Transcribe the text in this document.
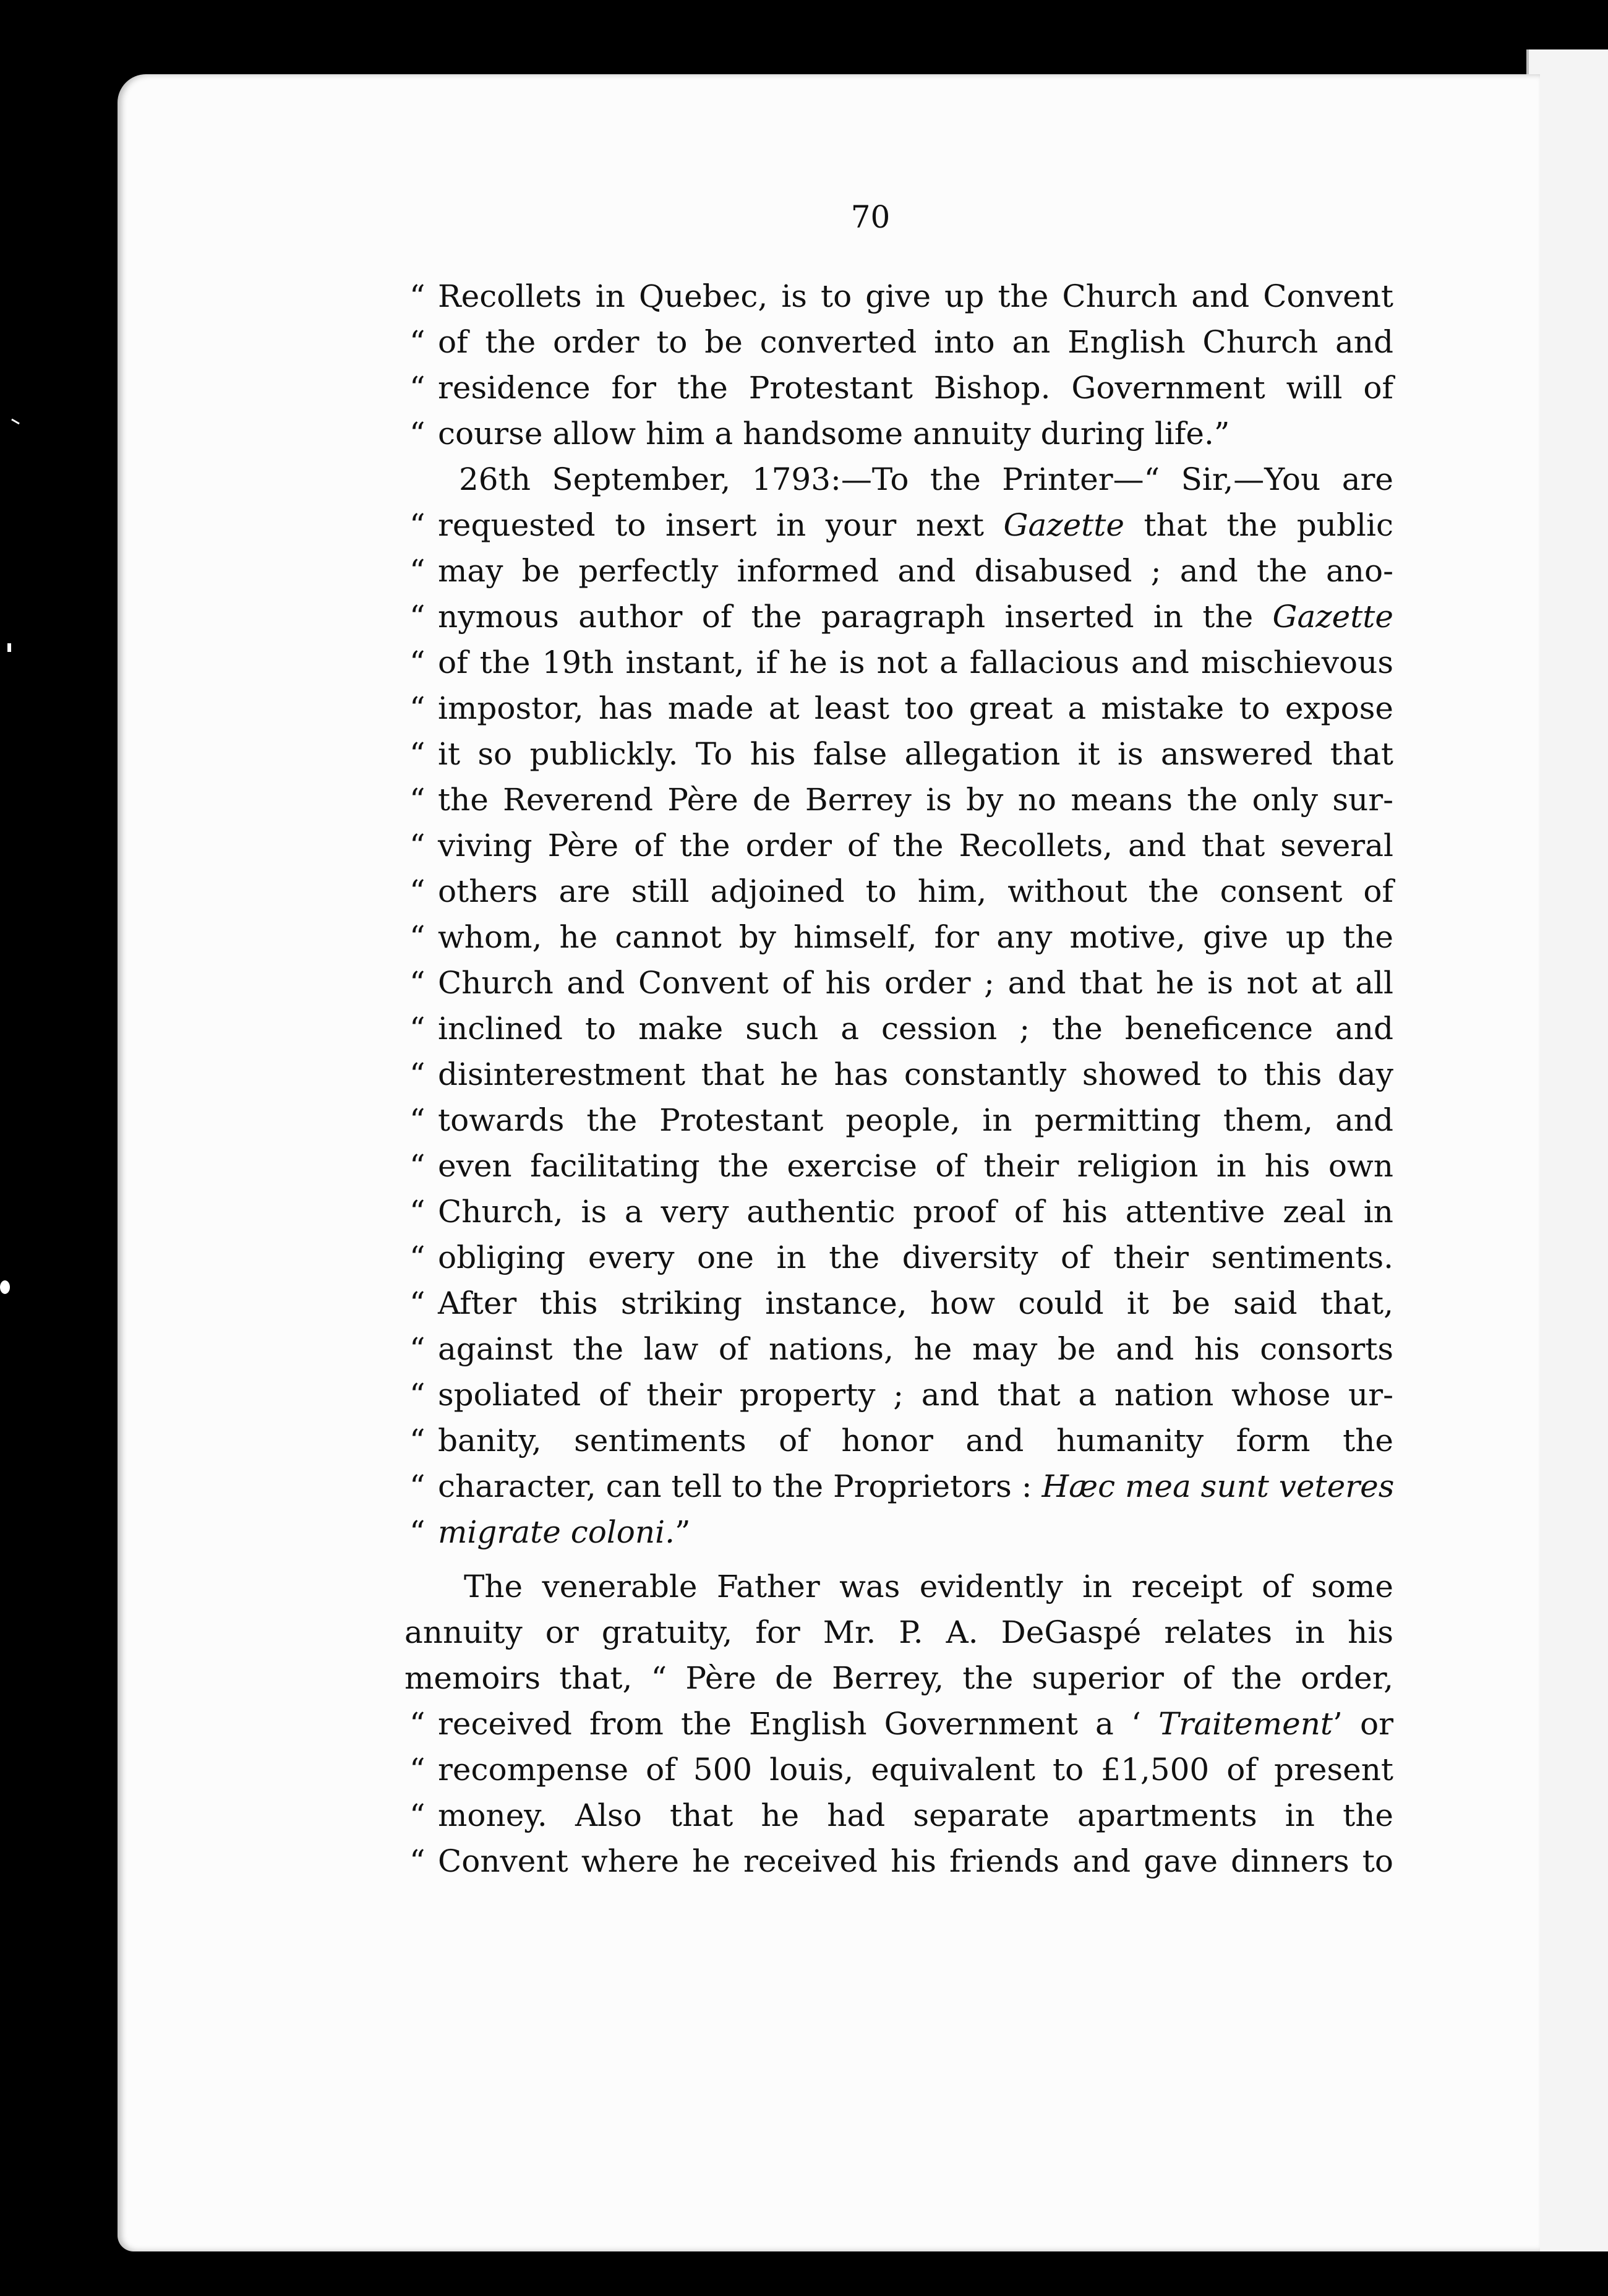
70
“ Recollets in Quebec, is to give up the Church and Convent
“ of the order to be converted into an English Church and
“ residence for the Protestant Bishop. Government will of
“ course allow him a handsome annuity during life.”
26th September, 1793:—To the Printer—“ Sir,—You are
“ requested to insert in your next Gazette that the public
“ may be perfectly informed and disabused ; and the ano-
“ nymous author of the paragraph inserted in the Gazette
“ of the 19th instant, if he is not a fallacious and mischievous
“ impostor, has made at least too great a mistake to expose
“ it so publickly. To his false allegation it is answered that
“ the Reverend Père de Berrey is by no means the only sur-
“ viving Père of the order of the Recollets, and that several
“ others are still adjoined to him, without the consent of
“ whom, he cannot by himself, for any motive, give up the
“ Church and Convent of his order ; and that he is not at all
“ inclined to make such a cession ; the beneficence and
“ disinterestment that he has constantly showed to this day
“ towards the Protestant people, in permitting them, and
“ even facilitating the exercise of their religion in his own
“ Church, is a very authentic proof of his attentive zeal in
“ obliging every one in the diversity of their sentiments.
“ After this striking instance, how could it be said that,
“ against the law of nations, he may be and his consorts
“ spoliated of their property ; and that a nation whose ur-
“ banity, sentiments of honor and humanity form the
“ character, can tell to the Proprietors : Hæc mea sunt veteres
“ migrate coloni.”
The venerable Father was evidently in receipt of some
annuity or gratuity, for Mr. P. A. DeGaspé relates in his
memoirs that, “ Père de Berrey, the superior of the order,
“ received from the English Government a ‘ Traitement’ or
“ recompense of 500 louis, equivalent to £1,500 of present
“ money. Also that he had separate apartments in the
“ Convent where he received his friends and gave dinners to
